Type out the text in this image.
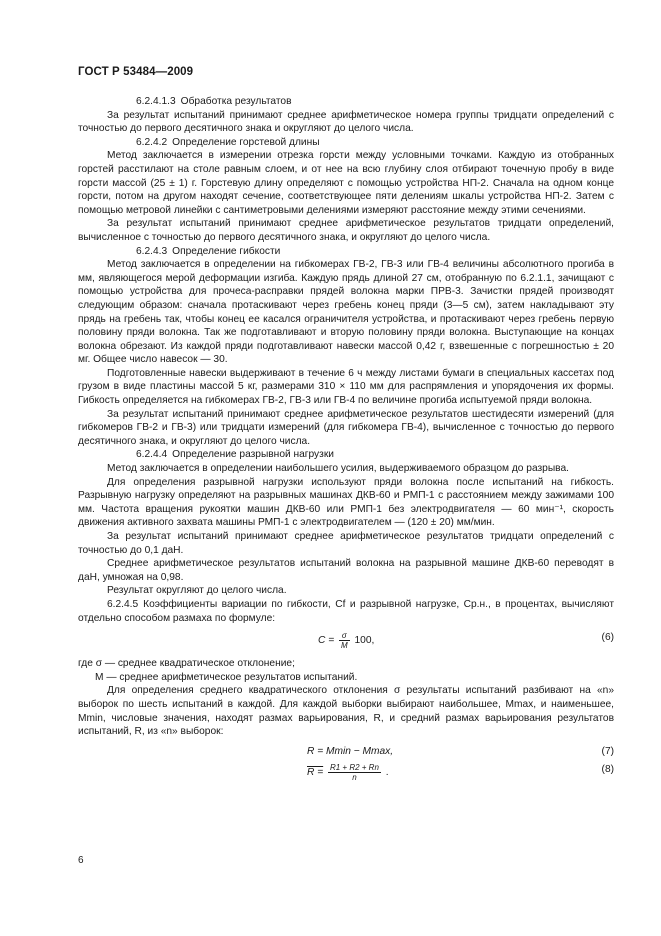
ГОСТ Р 53484—2009

6.2.4.1.3 Обработка результатов

За результат испытаний принимают среднее арифметическое номера группы тридцати определений с точностью до первого десятичного знака и округляют до целого числа.

6.2.4.2 Определение горстевой длины

Метод заключается в измерении отрезка горсти между условными точками. Каждую из отобранных горстей расстилают на столе равным слоем, и от нее на всю глубину слоя отбирают точечную пробу в виде горсти массой (25 ± 1) г. Горстевую длину определяют с помощью устройства НП-2. Сначала на одном конце горсти, потом на другом находят сечение, соответствующее пяти делениям шкалы устройства НП-2. Затем с помощью метровой линейки с сантиметровыми делениями измеряют расстояние между этими сечениями.

За результат испытаний принимают среднее арифметическое результатов тридцати определений, вычисленное с точностью до первого десятичного знака, и округляют до целого числа.

6.2.4.3 Определение гибкости

Метод заключается в определении на гибкомерах ГВ-2, ГВ-3 или ГВ-4 величины абсолютного прогиба в мм, являющегося мерой деформации изгиба. Каждую прядь длиной 27 см, отобранную по 6.2.1.1, зачищают с помощью устройства для прочеса-расправки прядей волокна марки ПРВ-3. Зачистки прядей производят следующим образом: сначала протаскивают через гребень конец пряди (3—5 см), затем накладывают эту прядь на гребень так, чтобы конец ее касался ограничителя устройства, и протаскивают через гребень первую половину пряди волокна. Так же подготавливают и вторую половину пряди волокна. Выступающие на концах волокна обрезают. Из каждой пряди подготавливают навески массой 0,42 г, взвешенные с погрешностью ± 20 мг. Общее число навесок — 30.

Подготовленные навески выдерживают в течение 6 ч между листами бумаги в специальных кассетах под грузом в виде пластины массой 5 кг, размерами 310 × 110 мм для распрямления и упорядочения их формы. Гибкость определяется на гибкомерах ГВ-2, ГВ-3 или ГВ-4 по величине прогиба испытуемой пряди волокна.

За результат испытаний принимают среднее арифметическое результатов шестидесяти измерений (для гибкомеров ГВ-2 и ГВ-3) или тридцати измерений (для гибкомера ГВ-4), вычисленное с точностью до первого десятичного знака, и округляют до целого числа.

6.2.4.4 Определение разрывной нагрузки

Метод заключается в определении наибольшего усилия, выдерживаемого образцом до разрыва.

Для определения разрывной нагрузки используют пряди волокна после испытаний на гибкость. Разрывную нагрузку определяют на разрывных машинах ДКВ-60 и РМП-1 с расстоянием между зажимами 100 мм. Частота вращения рукоятки машин ДКВ-60 или РМП-1 без электродвигателя — 60 мин⁻¹, скорость движения активного захвата машины РМП-1 с электродвигателем — (120 ± 20) мм/мин.

За результат испытаний принимают среднее арифметическое результатов тридцати определений с точностью до 0,1 даН.

Среднее арифметическое результатов испытаний волокна на разрывной машине ДКВ-60 переводят в даН, умножая на 0,98.

Результат округляют до целого числа.

6.2.4.5 Коэффициенты вариации по гибкости, Cf и разрывной нагрузке, Cр.н., в процентах, вычисляют отдельно способом размаха по формуле:

$C = \frac{\sigma}{M} 100$,	(6)

где σ — среднее квадратическое отклонение;

M — среднее арифметическое результатов испытаний.

Для определения среднего квадратического отклонения σ результаты испытаний разбивают на «n» выборок по шесть испытаний в каждой. Для каждой выборки выбирают наибольшее, Mmax, и наименьшее, Mmin, числовые значения, находят размах варьирования, R, и средний размах варьирования результатов испытаний, R, из «n» выборок:

R = Mmin − Mmax,	(7)
$R = \frac{R1 + R2 + Rn}{n}$ .	(8)
6
